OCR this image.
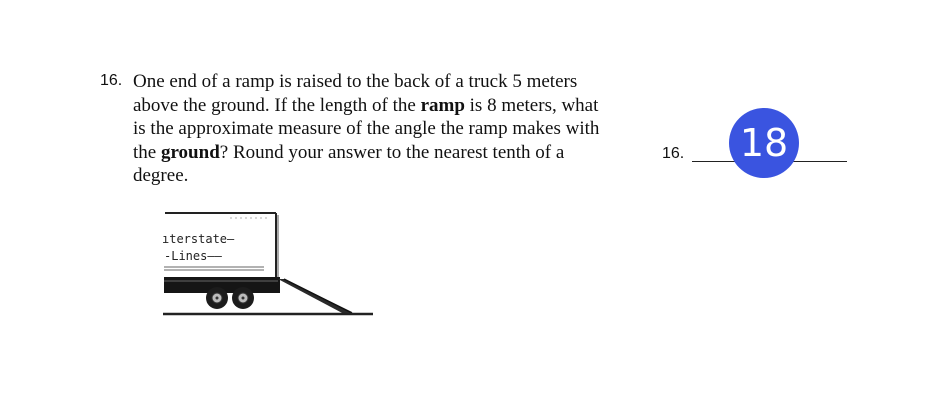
16. One end of a ramp is raised to the back of a truck 5 meters
above the ground. If the length of the ramp is 8 meters, what
is the approximate measure of the angle the ramp makes with
the ground? Round your answer to the nearest tenth of a
degree.
16. 18
ıterstate—
-Lines——
